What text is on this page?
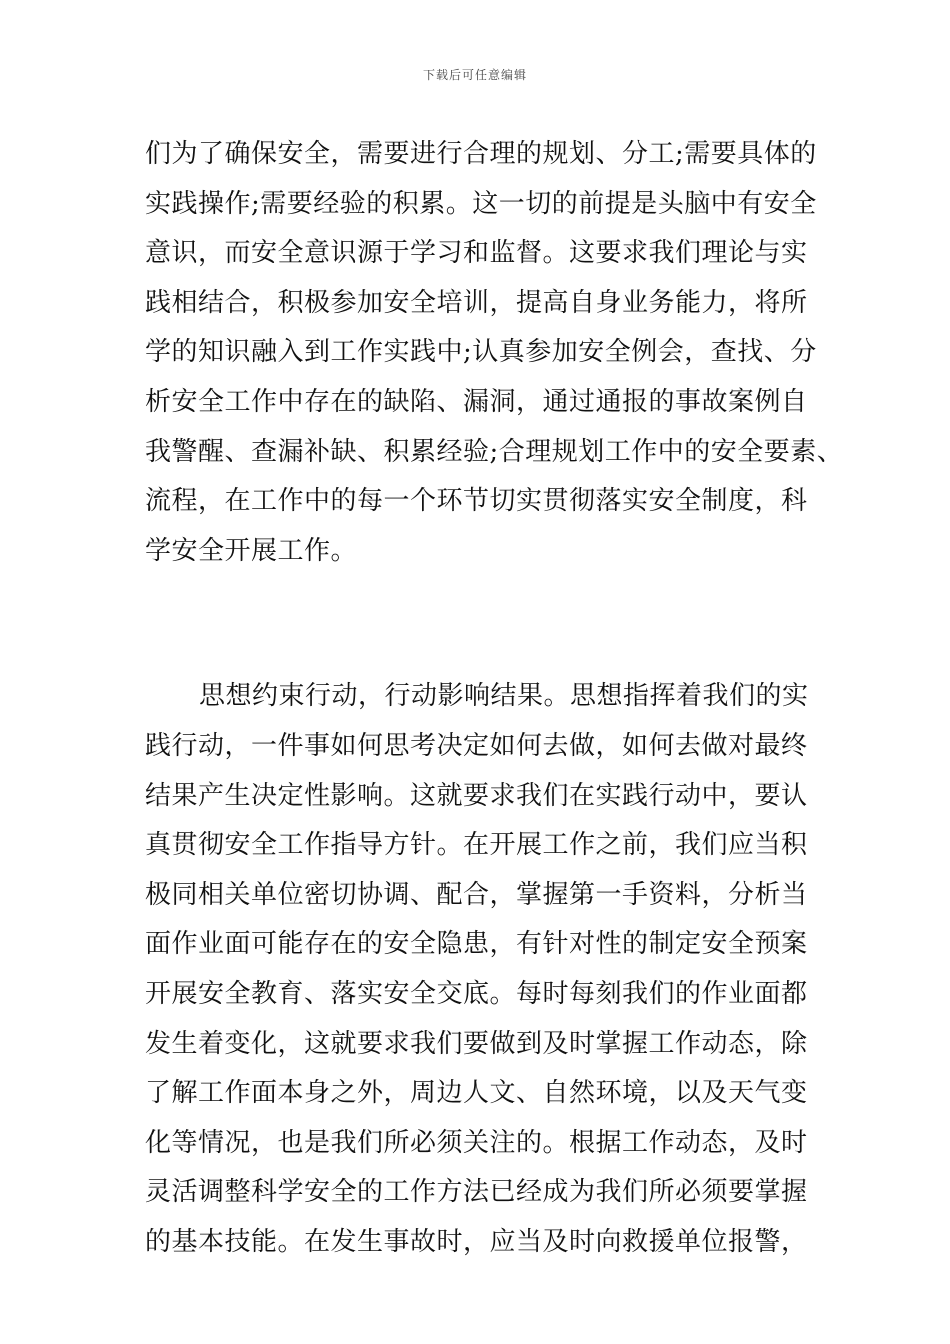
下载后可任意编辑
们为了确保安全，需要进行合理的规划、分工;需要具体的
实践操作;需要经验的积累。这一切的前提是头脑中有安全
意识，而安全意识源于学习和监督。这要求我们理论与实
践相结合，积极参加安全培训，提高自身业务能力，将所
学的知识融入到工作实践中;认真参加安全例会，查找、分
析安全工作中存在的缺陷、漏洞，通过通报的事故案例自
我警醒、查漏补缺、积累经验;合理规划工作中的安全要素、
流程，在工作中的每一个环节切实贯彻落实安全制度，科
学安全开展工作。
思想约束行动，行动影响结果。思想指挥着我们的实
践行动，一件事如何思考决定如何去做，如何去做对最终
结果产生决定性影响。这就要求我们在实践行动中，要认
真贯彻安全工作指导方针。在开展工作之前，我们应当积
极同相关单位密切协调、配合，掌握第一手资料，分析当
面作业面可能存在的安全隐患，有针对性的制定安全预案
开展安全教育、落实安全交底。每时每刻我们的作业面都
发生着变化，这就要求我们要做到及时掌握工作动态，除
了解工作面本身之外，周边人文、自然环境，以及天气变
化等情况，也是我们所必须关注的。根据工作动态，及时
灵活调整科学安全的工作方法已经成为我们所必须要掌握
的基本技能。在发生事故时，应当及时向救援单位报警，
